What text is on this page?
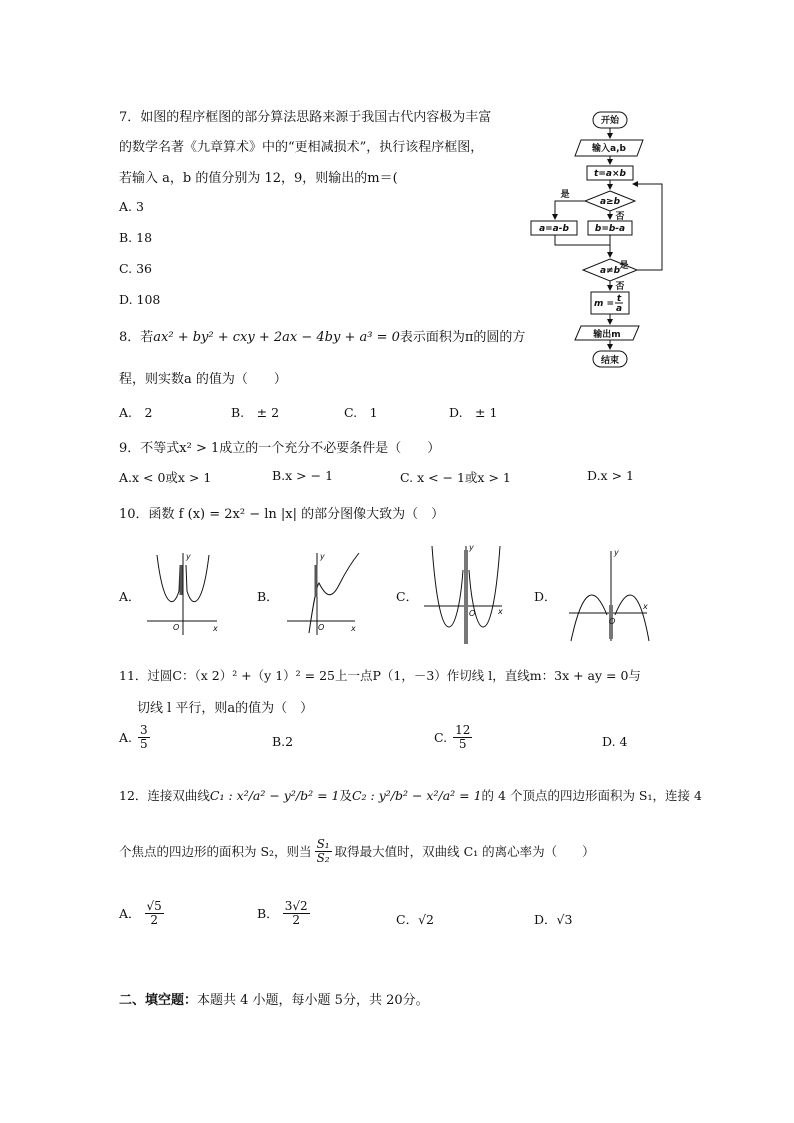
7．如图的程序框图的部分算法思路来源于我国古代内容极为丰富
的数学名著《九章算术》中的“更相减损术”，执行该程序框图，
若输入 a，b 的值分别为 12，9，则输出的m＝(
A. 3
B. 18
C. 36
D. 108
开始
输入a,b
t=a×b
a≥b
是
否
a=a-b	b=b-a
a≠b 是
否
m = t
a
输出m
结束
8．若ax² + by² + cxy + 2ax − 4by + a³ = 0表示面积为π的圆的方
程，则实数a 的值为（　　）
A.　2	B.　± 2	C.　1	D.　± 1
9．不等式x² > 1成立的一个充分不必要条件是（　　）
A.x < 0或x > 1	B.x > − 1	C. x < − 1或x > 1	D.x > 1
10．函数 f (x) = 2x² − ln |x| 的部分图像大致为（　）
A．
y
x
O
B．
y
x
O
C．
y
x
O
D．
y
x
O
11．过圆C：（x 2）² +（y 1）² = 25上一点P（1，－3）作切线 l，直线m：3x + ay = 0与
切线 l 平行，则a的值为（　）
A. $\frac{3}{5}$	B.2	C. $\frac{12}{5}$	D. 4
12．连接双曲线C₁ : x²/a² − y²/b² = 1及C₂ : y²/b² − x²/a² = 1的 4 个顶点的四边形面积为 S₁，连接 4
个焦点的四边形的面积为 S₂，则当 $\frac{\text{S₁}}{\text{S₂}}$ 取得最大值时，双曲线 C₁ 的离心率为（　　）
A． $\frac{√5}{2}$	B． $\frac{3√2}{2}$	C．√2	D．√3
二、填空题：本题共 4 小题，每小题 5分，共 20分。
